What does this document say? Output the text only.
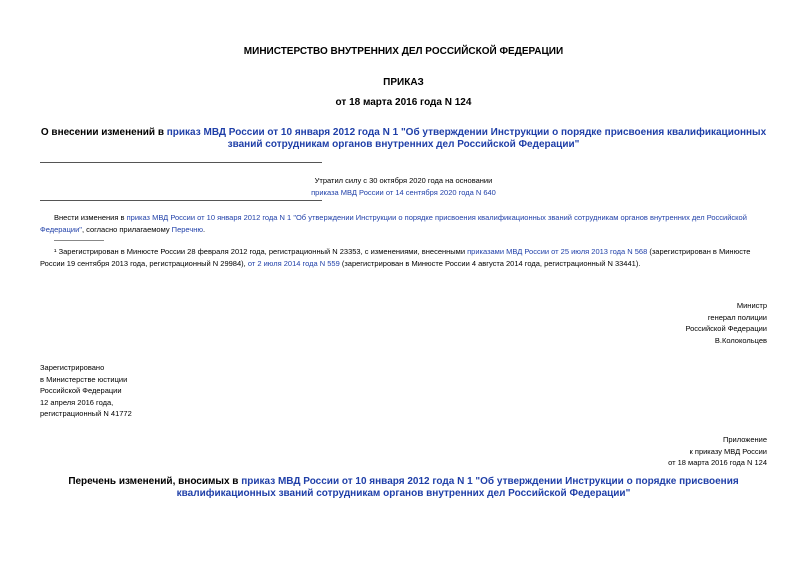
МИНИСТЕРСТВО ВНУТРЕННИХ ДЕЛ РОССИЙСКОЙ ФЕДЕРАЦИИ
ПРИКАЗ
от 18 марта 2016 года N 124
О внесении изменений в приказ МВД России от 10 января 2012 года N 1 "Об утверждении Инструкции о порядке присвоения квалификационных званий сотрудникам органов внутренних дел Российской Федерации"
Утратил силу с 30 октября 2020 года на основании
приказа МВД России от 14 сентября 2020 года N 640
Внести изменения в приказ МВД России от 10 января 2012 года N 1 "Об утверждении Инструкции о порядке присвоения квалификационных званий сотрудникам органов внутренних дел Российской Федерации", согласно прилагаемому Перечню.
¹ Зарегистрирован в Минюсте России 28 февраля 2012 года, регистрационный N 23353, с изменениями, внесенными приказами МВД России от 25 июля 2013 года N 568 (зарегистрирован в Минюсте России 19 сентября 2013 года, регистрационный N 29984), от 2 июля 2014 года N 559 (зарегистрирован в Минюсте России 4 августа 2014 года, регистрационный N 33441).
Министр
генерал полиции
Российской Федерации
В.Колокольцев
Зарегистрировано
в Министерстве юстиции
Российской Федерации
12 апреля 2016 года,
регистрационный N 41772
Приложение
к приказу МВД России
от 18 марта 2016 года N 124
Перечень изменений, вносимых в приказ МВД России от 10 января 2012 года N 1 "Об утверждении Инструкции о порядке присвоения квалификационных званий сотрудникам органов внутренних дел Российской Федерации"
